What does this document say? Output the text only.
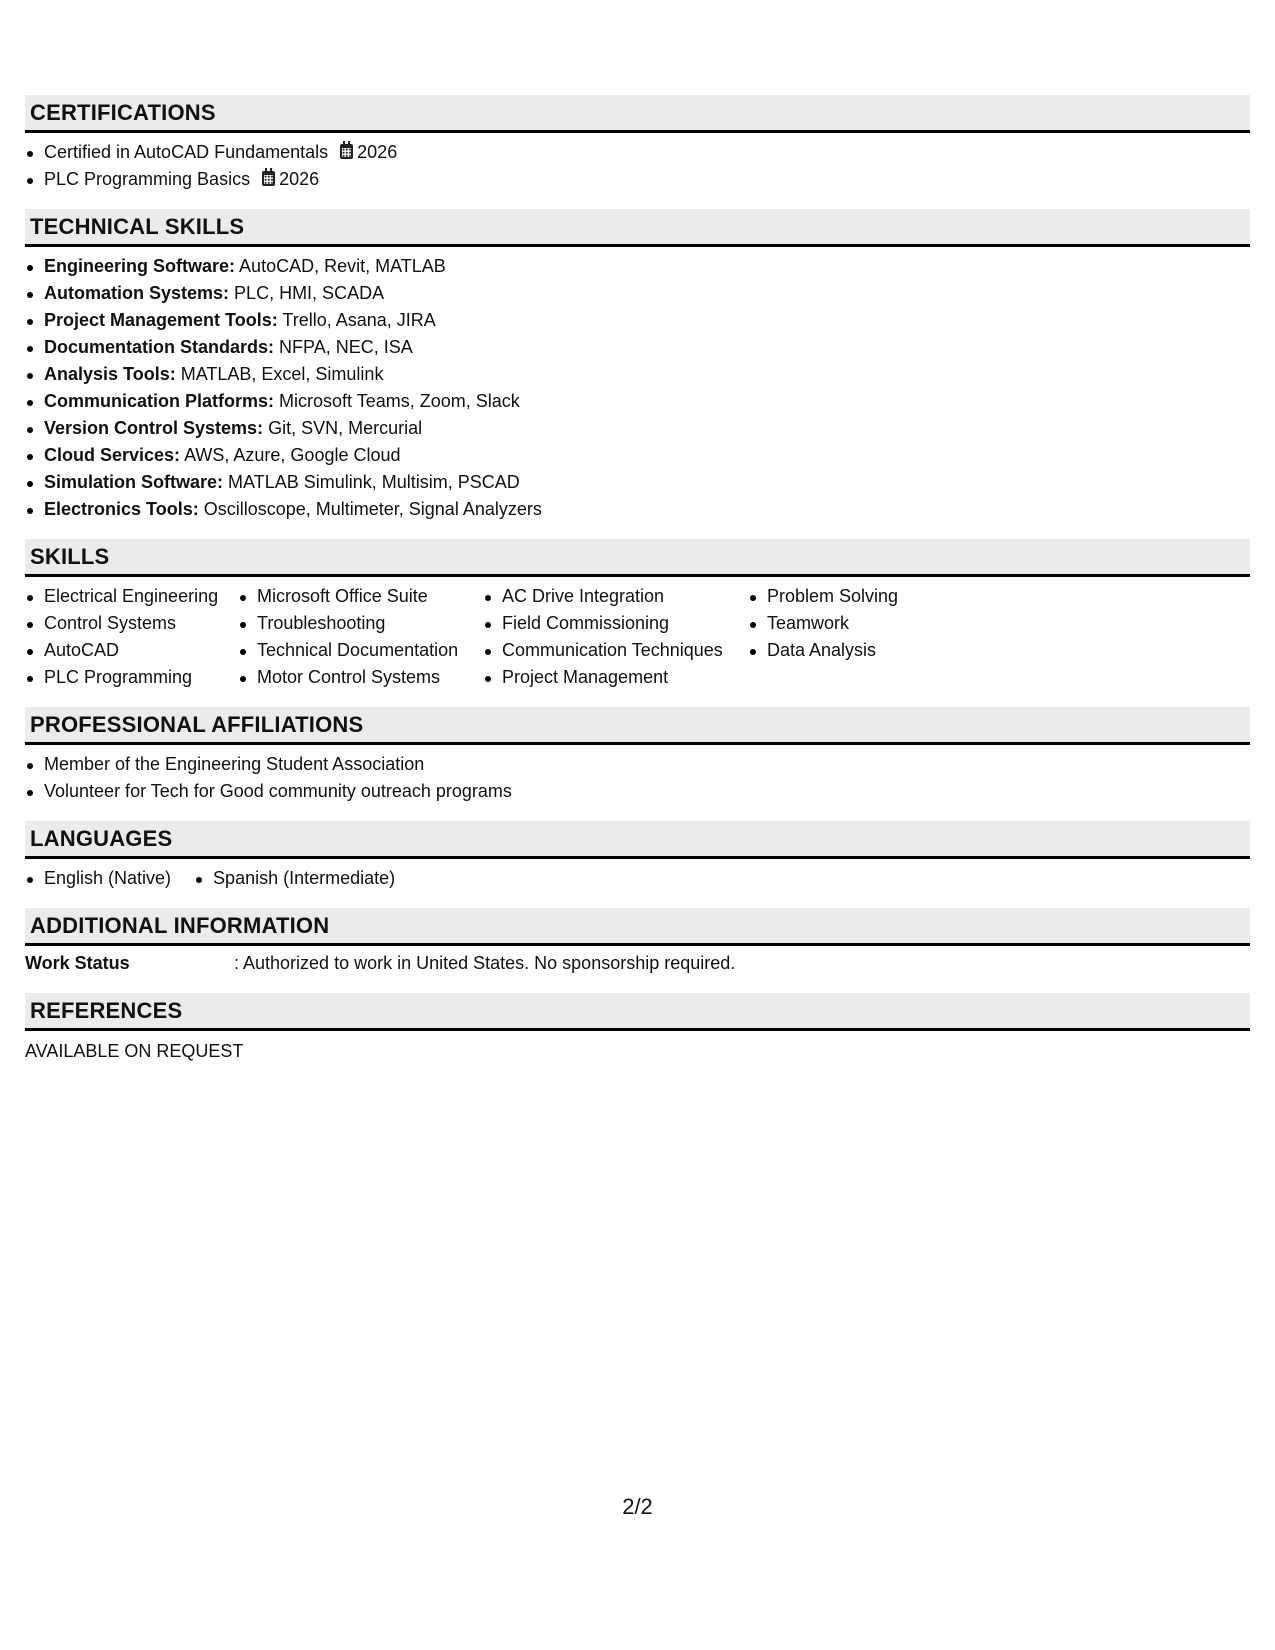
CERTIFICATIONS
Certified in AutoCAD Fundamentals 2026
PLC Programming Basics 2026
TECHNICAL SKILLS
Engineering Software: AutoCAD, Revit, MATLAB
Automation Systems: PLC, HMI, SCADA
Project Management Tools: Trello, Asana, JIRA
Documentation Standards: NFPA, NEC, ISA
Analysis Tools: MATLAB, Excel, Simulink
Communication Platforms: Microsoft Teams, Zoom, Slack
Version Control Systems: Git, SVN, Mercurial
Cloud Services: AWS, Azure, Google Cloud
Simulation Software: MATLAB Simulink, Multisim, PSCAD
Electronics Tools: Oscilloscope, Multimeter, Signal Analyzers
SKILLS
Electrical Engineering
Control Systems
AutoCAD
PLC Programming
Microsoft Office Suite
Troubleshooting
Technical Documentation
Motor Control Systems
AC Drive Integration
Field Commissioning
Communication Techniques
Project Management
Problem Solving
Teamwork
Data Analysis
PROFESSIONAL AFFILIATIONS
Member of the Engineering Student Association
Volunteer for Tech for Good community outreach programs
LANGUAGES
English (Native)	Spanish (Intermediate)
ADDITIONAL INFORMATION
Work Status	: Authorized to work in United States. No sponsorship required.
REFERENCES
AVAILABLE ON REQUEST
2/2
